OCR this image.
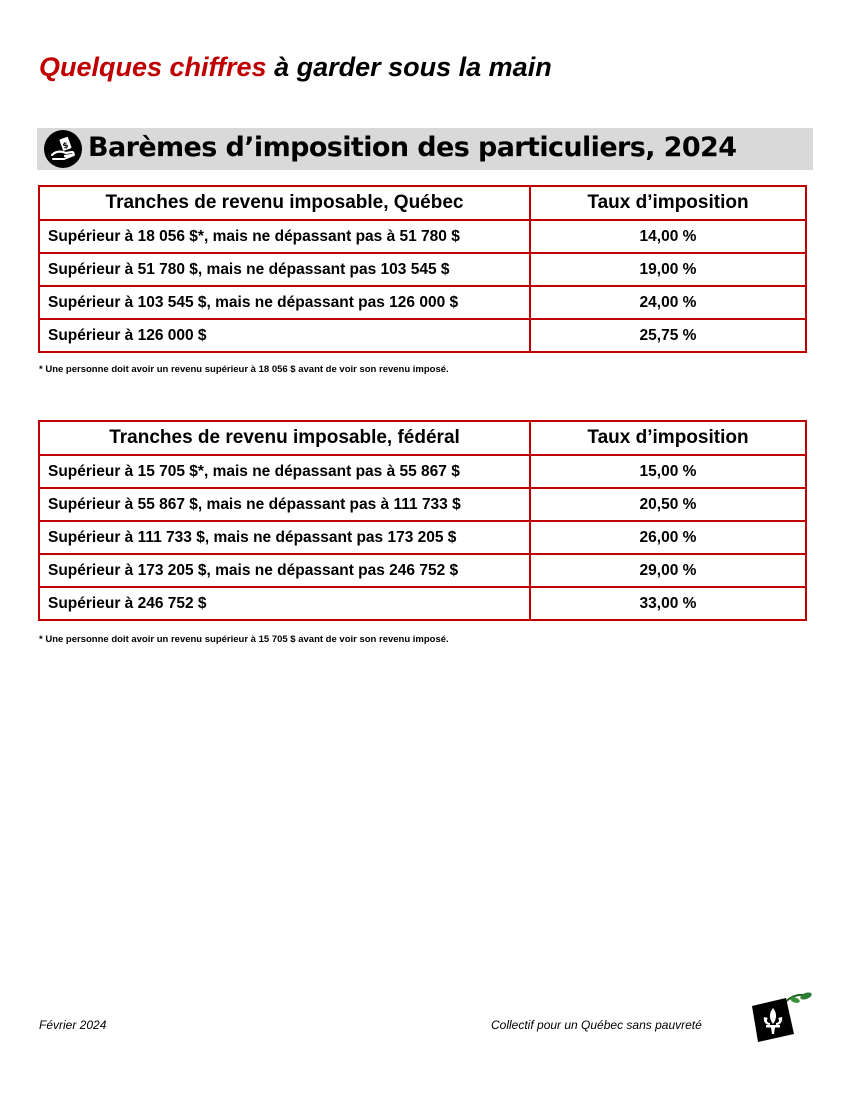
Quelques chiffres à garder sous la main
$ Barèmes d’imposition des particuliers, 2024
Tranches de revenu imposable, Québec	Taux d’imposition
Supérieur à 18 056 $*, mais ne dépassant pas à 51 780 $	14,00 %
Supérieur à 51 780 $, mais ne dépassant pas 103 545 $	19,00 %
Supérieur à 103 545 $, mais ne dépassant pas 126 000 $	24,00 %
Supérieur à 126 000 $	25,75 %
* Une personne doit avoir un revenu supérieur à 18 056 $ avant de voir son revenu imposé.
Tranches de revenu imposable, fédéral	Taux d’imposition
Supérieur à 15 705 $*, mais ne dépassant pas à 55 867 $	15,00 %
Supérieur à 55 867 $, mais ne dépassant pas à 111 733 $	20,50 %
Supérieur à 111 733 $, mais ne dépassant pas 173 205 $	26,00 %
Supérieur à 173 205 $, mais ne dépassant pas 246 752 $	29,00 %
Supérieur à 246 752 $	33,00 %
* Une personne doit avoir un revenu supérieur à 15 705 $ avant de voir son revenu imposé.
Février 2024	Collectif pour un Québec sans pauvreté
